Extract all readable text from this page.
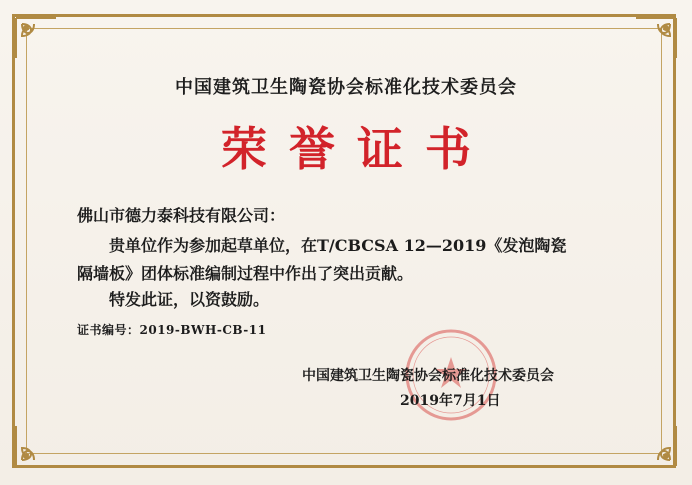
中国建筑卫生陶瓷协会标准化技术委员会
荣誉证书
佛山市德力泰科技有限公司：
贵单位作为参加起草单位，在T/CBCSA 12—2019《发泡陶瓷
隔墙板》团体标准编制过程中作出了突出贡献。
特发此证，以资鼓励。
证书编号：2019-BWH-CB-11
中国建筑卫生陶瓷协会标准化技术委员会
2019年7月1日
